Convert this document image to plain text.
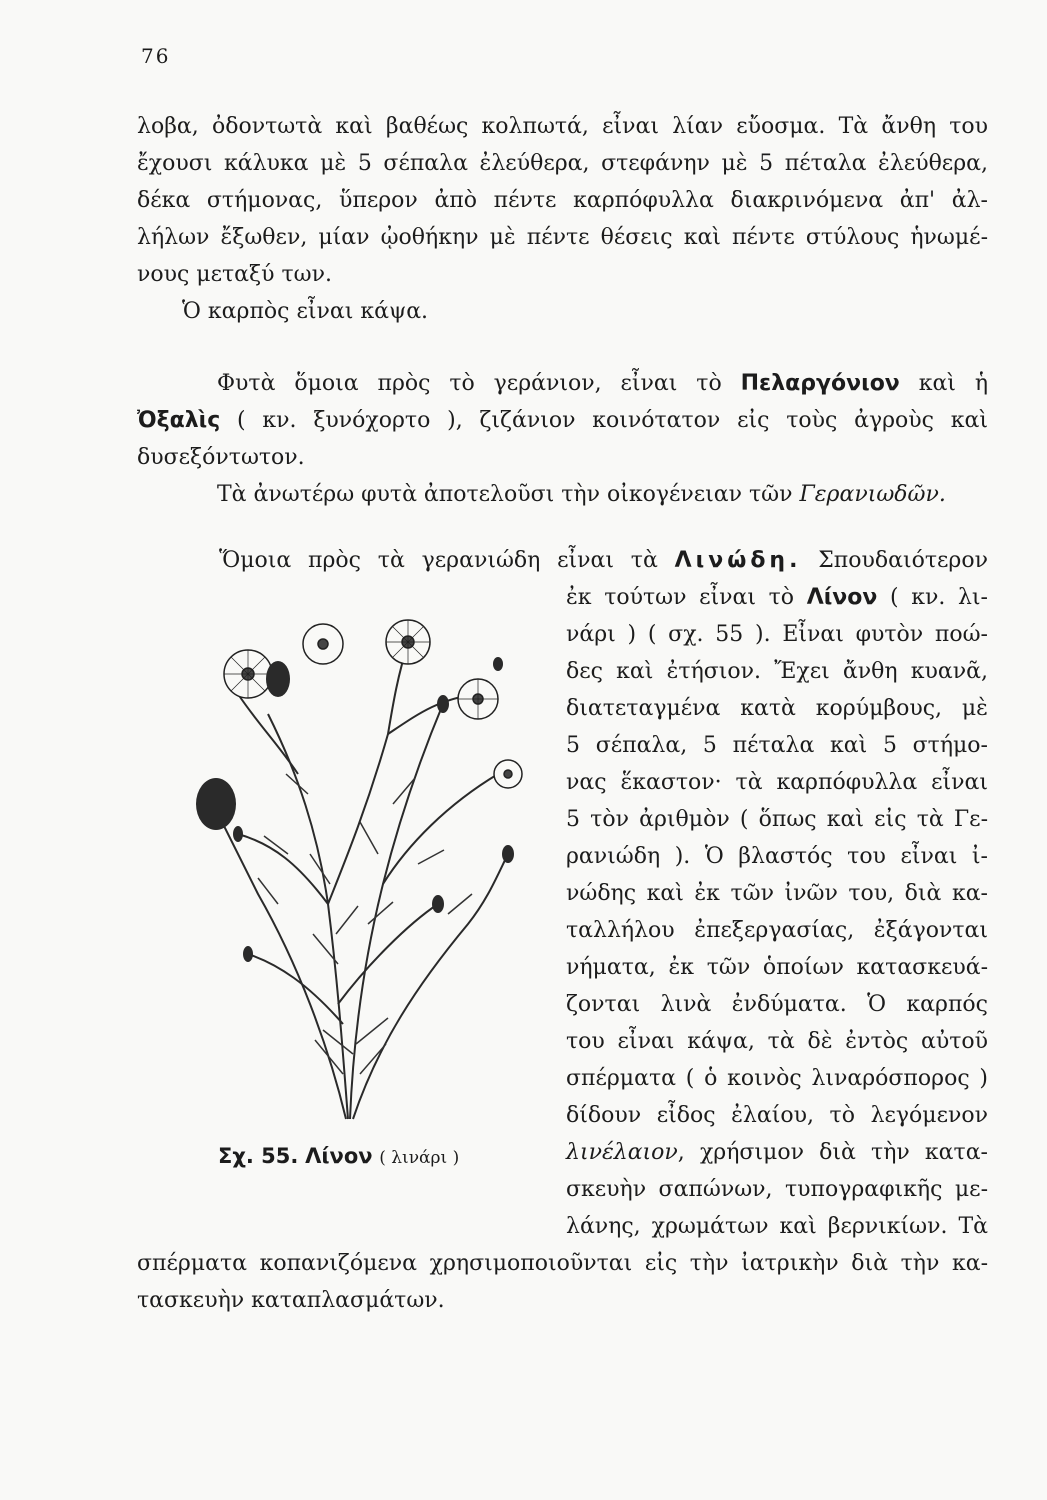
76
λοβα, ὀδοντωτὰ καὶ βαθέως κολπωτά, εἶναι λίαν εὔοσμα. Τὰ ἄνθη του
ἔχουσι κάλυκα μὲ 5 σέπαλα ἐλεύθερα, στεφάνην μὲ 5 πέταλα ἐλεύθερα,
δέκα στήμονας, ὕπερον ἀπὸ πέντε καρπόφυλλα διακρινόμενα ἀπ' ἀλ-
λήλων ἔξωθεν, μίαν ᾠοθήκην μὲ πέντε θέσεις καὶ πέντε στύλους ἡνωμέ-
νους μεταξύ των.
Ὁ καρπὸς εἶναι κάψα.
Φυτὰ ὅμοια πρὸς τὸ γεράνιον, εἶναι τὸ Πελαργόνιον καὶ ἡ
Ὀξαλὶς ( κν. ξυνόχορτο ), ζιζάνιον κοινότατον εἰς τοὺς ἀγροὺς καὶ
δυσεξόντωτον.
Τὰ ἀνωτέρω φυτὰ ἀποτελοῦσι τὴν οἰκογένειαν τῶν Γερανιωδῶν.
Ὅμοια πρὸς τὰ γερανιώδη εἶναι τὰ Λινώδη. Σπουδαιότερον
ἐκ τούτων εἶναι τὸ Λίνον ( κν. λι-
νάρι ) ( σχ. 55 ). Εἶναι φυτὸν ποώ-
δες καὶ ἐτήσιον. Ἔχει ἄνθη κυανᾶ,
διατεταγμένα κατὰ κορύμβους, μὲ
5 σέπαλα, 5 πέταλα καὶ 5 στήμο-
νας ἕκαστον· τὰ καρπόφυλλα εἶναι
5 τὸν ἀριθμὸν ( ὅπως καὶ εἰς τὰ Γε-
ρανιώδη ). Ὁ βλαστός του εἶναι ἰ-
νώδης καὶ ἐκ τῶν ἰνῶν του, διὰ κα-
ταλλήλου ἐπεξεργασίας, ἐξάγονται
νήματα, ἐκ τῶν ὁποίων κατασκευά-
ζονται λινὰ ἐνδύματα. Ὁ καρπός
του εἶναι κάψα, τὰ δὲ ἐντὸς αὐτοῦ
σπέρματα ( ὁ κοινὸς λιναρόσπορος )
δίδουν εἶδος ἐλαίου, τὸ λεγόμενον
λινέλαιον, χρήσιμον διὰ τὴν κατα-
σκευὴν σαπώνων, τυπογραφικῆς με-
λάνης, χρωμάτων καὶ βερνικίων. Τὰ
σπέρματα κοπανιζόμενα χρησιμοποιοῦνται εἰς τὴν ἰατρικὴν διὰ τὴν κα-
τασκευὴν καταπλασμάτων.
Σχ. 55. Λίνον ( λινάρι )
